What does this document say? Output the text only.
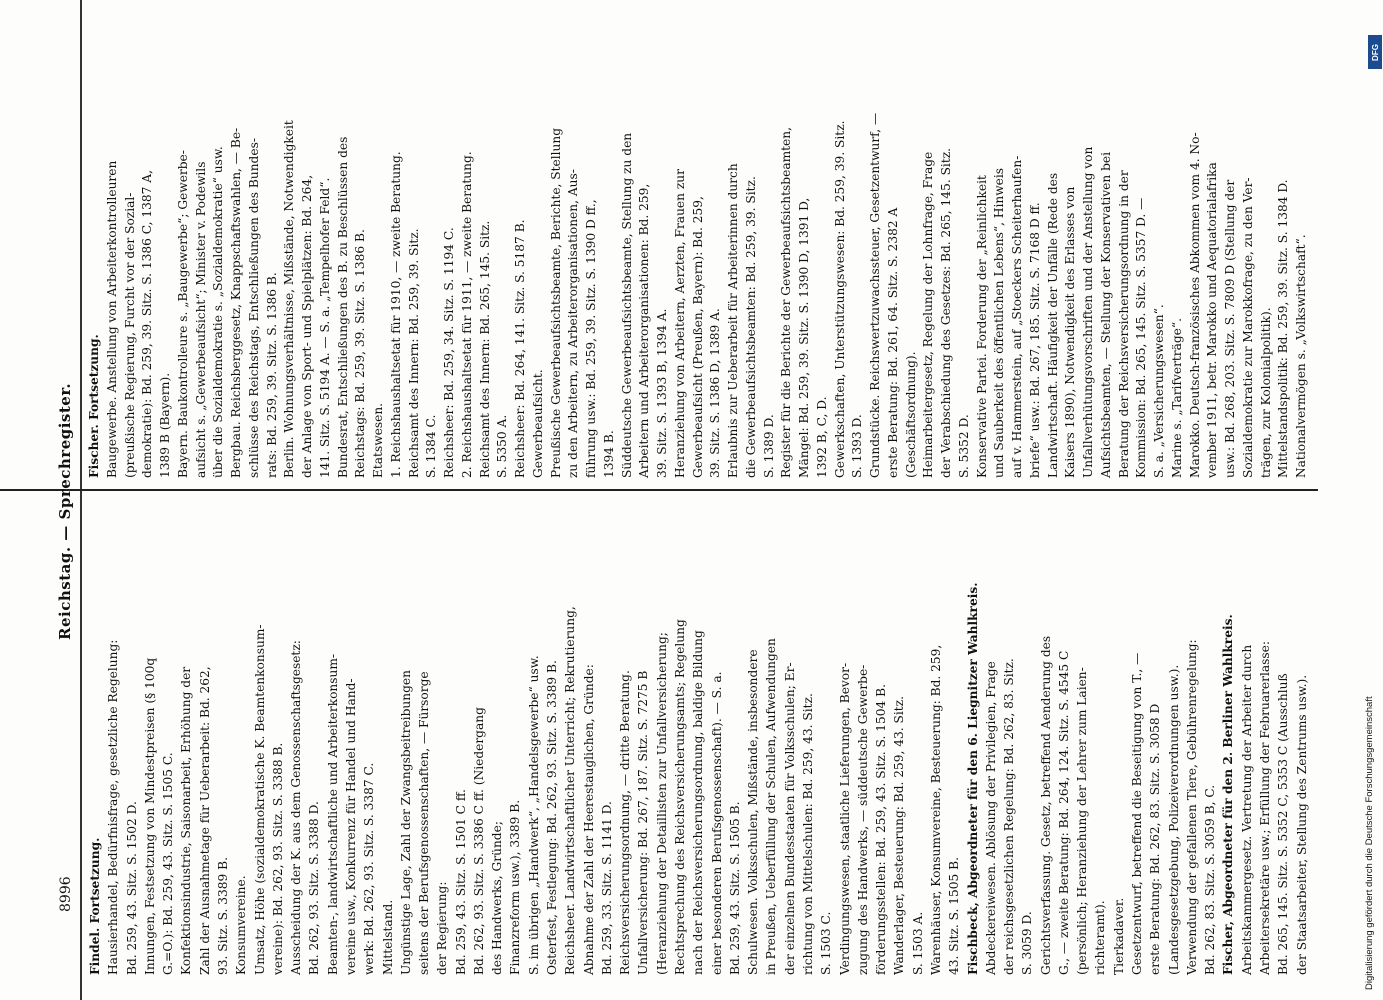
8996
Reichstag. — Sprechregister.
Findel. Fortsetzung. Hausierhandel, Bedürfnisfrage, gesetzliche Regelung: Bd. 259, 43. Sitz. S. 1502 D. Innungen, Festsetzung von Mindestpreisen (§ 100q G.=O.): Bd. 259, 43. Sitz. S. 1505 C. Konfektionsindustrie, Saisonarbeit, Erhöhung der Zahl der Ausnahmetage für Ueberarbeit: Bd. 262, 93. Sitz. S. 3389 B. Konsumvereine. Umsatz, Höhe (sozialdemokratische K. Beamtenkonsum- vereine): Bd. 262, 93. Sitz. S. 3388 B. Ausscheidung der K. aus dem Genossenschaftsgesetz: Bd. 262, 93. Sitz. S. 3388 D. Beamten-, landwirtschaftliche und Arbeiterkonsum- vereine usw., Konkurrenz für Handel und Hand- werk: Bd. 262, 93. Sitz. S. 3387 C. Mittelstand. Ungünstige Lage, Zahl der Zwangsbeitreibungen seitens der Berufsgenossenschaften, — Fürsorge der Regierung: Bd. 259, 43. Sitz. S. 1501 C ff. Bd. 262, 93. Sitz. S. 3386 C ff. (Niedergang des Handwerks, Gründe; Finanzreform usw.), 3389 B. S. im übrigen „Handwerk“, „Handelsgewerbe“ usw. Osterfest, Festlegung: Bd. 262, 93. Sitz. S. 3389 B. Reichsheer. Landwirtschaftlicher Unterricht; Rekrutierung, Abnahme der Zahl der Heerestauglichen, Gründe: Bd. 259, 33. Sitz. S. 1141 D. Reichsversicherungsordnung, — dritte Beratung. Unfallversicherung: Bd. 267, 187. Sitz. S. 7275 B (Heranziehung der Detaillisten zur Unfallversicherung; Rechtsprechung des Reichsversicherungsamts; Regelung nach der Reichsversicherungsordnung, baldige Bildung einer besonderen Berufsgenossenschaft). — S. a. Bd. 259, 43. Sitz. S. 1505 B. Schulwesen. Volksschulen, Mißstände, insbesondere in Preußen, Ueberfüllung der Schulen, Aufwendungen der einzelnen Bundesstaaten für Volksschulen; Er- richtung von Mittelschulen: Bd. 259, 43. Sitz. S. 1503 C. Verdingungswesen, staatliche Lieferungen, Bevor- zugung des Handwerks, — süddeutsche Gewerbe- förderungsstellen: Bd. 259, 43. Sitz. S. 1504 B. Wanderlager, Besteuerung: Bd. 259, 43. Sitz. S. 1503 A. Warenhäuser, Konsumvereine, Besteuerung: Bd. 259, 43. Sitz. S. 1505 B. Fischbeck, Abgeordneter für den 6. Liegnitzer Wahlkreis. Abdeckereiwesen. Ablösung der Privilegien, Frage der reichsgesetzlichen Regelung: Bd. 262, 83. Sitz. S. 3059 D. Gerichtsverfassung. Gesetz, betreffend Aenderung des G., — zweite Beratung: Bd. 264, 124. Sitz. S. 4545 C (persönlich; Heranziehung der Lehrer zum Laien- richteramt). Tierkadaver. Gesetzentwurf, betreffend die Beseitigung von T., — erste Beratung: Bd. 262, 83. Sitz. S. 3058 D (Landesgesetzgebung, Polizeiverordnungen usw.). Verwendung der gefallenen Tiere, Gebührenregelung: Bd. 262, 83. Sitz. S. 3059 B, C. Fischer, Abgeordneter für den 2. Berliner Wahlkreis. Arbeitskammergesetz. Vertretung der Arbeiter durch Arbeitersekretäre usw.; Erfüllung der Februarerlasse: Bd. 265, 145. Sitz. S. 5352 C, 5353 C (Ausschluß der Staatsarbeiter, Stellung des Zentrums usw.).
Fischer. Fortsetzung. Baugewerbe. Anstellung von Arbeiterkontrolleuren (preußische Regierung, Furcht vor der Sozial- demokratie): Bd. 259, 39. Sitz. S. 1386 C, 1387 A, 1389 B (Bayern). Bayern. Baukontrolleure s. „Baugewerbe“; Gewerbe- aufsicht s. „Gewerbeaufsicht“; Minister v. Podewils über die Sozialdemokratie s. „Sozialdemokratie“ usw. Bergbau. Reichsberggesetz, Knappschaftswahlen, — Be- schlüsse des Reichstags, Entschließungen des Bundes- rats: Bd. 259, 39. Sitz. S. 1386 B. Berlin. Wohnungsverhältnisse, Mißstände, Notwendigkeit der Anlage von Sport- und Spielplätzen: Bd. 264, 141. Sitz. S. 5194 A. — S. a. „Tempelhofer Feld“. Bundesrat, Entschließungen des B. zu Beschlüssen des Reichstags: Bd. 259, 39. Sitz. S. 1386 B. Etatswesen. 1. Reichshaushaltsetat für 1910, — zweite Beratung. Reichsamt des Innern: Bd. 259, 39. Sitz. S. 1384 C. Reichsheer: Bd. 259, 34. Sitz. S. 1194 C. 2. Reichshaushaltsetat für 1911, — zweite Beratung. Reichsamt des Innern: Bd. 265, 145. Sitz. S. 5350 A. Reichsheer: Bd. 264, 141. Sitz. S. 5187 B. Gewerbeaufsicht. Preußische Gewerbeaufsichtsbeamte, Berichte, Stellung zu den Arbeitern, zu Arbeiterorganisationen, Aus- führung usw.: Bd. 259, 39. Sitz. S. 1390 D ff., 1394 B. Süddeutsche Gewerbeaufsichtsbeamte, Stellung zu den Arbeitern und Arbeiterorganisationen: Bd. 259, 39. Sitz. S. 1393 B, 1394 A. Heranziehung von Arbeitern, Aerzten, Frauen zur Gewerbeaufsicht (Preußen, Bayern): Bd. 259, 39. Sitz. S. 1386 D, 1389 A. Erlaubnis zur Ueberarbeit für Arbeiterinnen durch die Gewerbeaufsichtsbeamten: Bd. 259, 39. Sitz. S. 1389 D. Register für die Berichte der Gewerbeaufsichtsbeamten, Mängel: Bd. 259, 39. Sitz. S. 1390 D, 1391 D, 1392 B, C, D. Gewerkschaften, Unterstützungswesen: Bd. 259, 39. Sitz. S. 1393 D. Grundstücke. Reichswertzuwachssteuer, Gesetzentwurf, — erste Beratung: Bd. 261, 64. Sitz. S. 2382 A (Geschäftsordnung). Heimarbeitergesetz, Regelung der Lohnfrage, Frage der Verabschiedung des Gesetzes: Bd. 265, 145. Sitz. S. 5352 D. Konservative Partei. Forderung der „Reinlichkeit und Sauberkeit des öffentlichen Lebens“, Hinweis auf v. Hammerstein, auf „Stoeckers Scheiterhaufen- briefe“ usw.: Bd. 267, 185. Sitz. S. 7168 D ff. Landwirtschaft. Häufigkeit der Unfälle (Rede des Kaisers 1890), Notwendigkeit des Erlasses von Unfallverhütungsvorschriften und der Anstellung von Aufsichtsbeamten, — Stellung der Konservativen bei Beratung der Reichsversicherungsordnung in der Kommission: Bd. 265, 145. Sitz. S. 5357 D. — S. a. „Versicherungswesen“. Marine s. „Tarifverträge“. Marokko. Deutsch-französisches Abkommen vom 4. No- vember 1911, betr. Marokko und Aequatorialafrika usw.: Bd. 268, 203. Sitz. S. 7809 D (Stellung der Sozialdemokratie zur Marokkofrage, zu den Ver- trägen, zur Kolonialpolitik). Mittelstandspolitik: Bd. 259, 39. Sitz. S. 1384 D. Nationalvermögen s. „Volkswirtschaft“.
Digitalisierung gefördert durch die Deutsche Forschungsgemeinschaft
DFG
